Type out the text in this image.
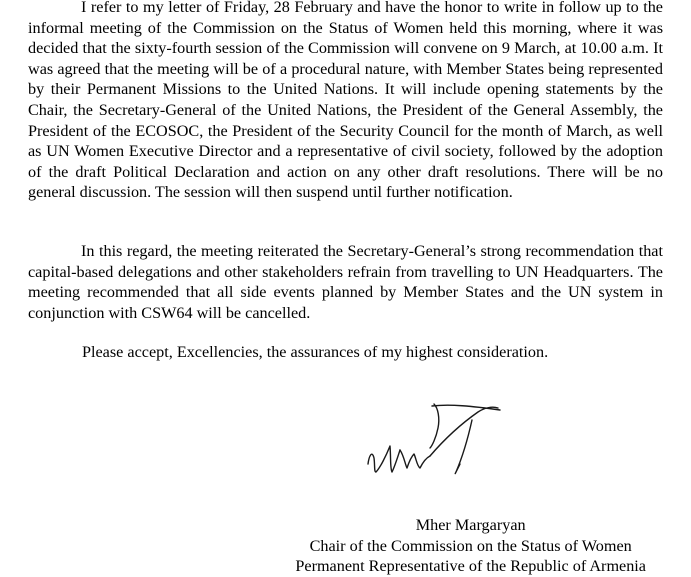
I refer to my letter of Friday, 28 February and have the honor to write in follow up to the informal meeting of the Commission on the Status of Women held this morning, where it was decided that the sixty-fourth session of the Commission will convene on 9 March, at 10.00 a.m. It was agreed that the meeting will be of a procedural nature, with Member States being represented by their Permanent Missions to the United Nations. It will include opening statements by the Chair, the Secretary-General of the United Nations, the President of the General Assembly, the President of the ECOSOC, the President of the Security Council for the month of March, as well as UN Women Executive Director and a representative of civil society, followed by the adoption of the draft Political Declaration and action on any other draft resolutions. There will be no general discussion. The session will then suspend until further notification.

In this regard, the meeting reiterated the Secretary-General’s strong recommendation that capital-based delegations and other stakeholders refrain from travelling to UN Headquarters. The meeting recommended that all side events planned by Member States and the UN system in conjunction with CSW64 will be cancelled.

Please accept, Excellencies, the assurances of my highest consideration.

Mher Margaryan
Chair of the Commission on the Status of Women
Permanent Representative of the Republic of Armenia
